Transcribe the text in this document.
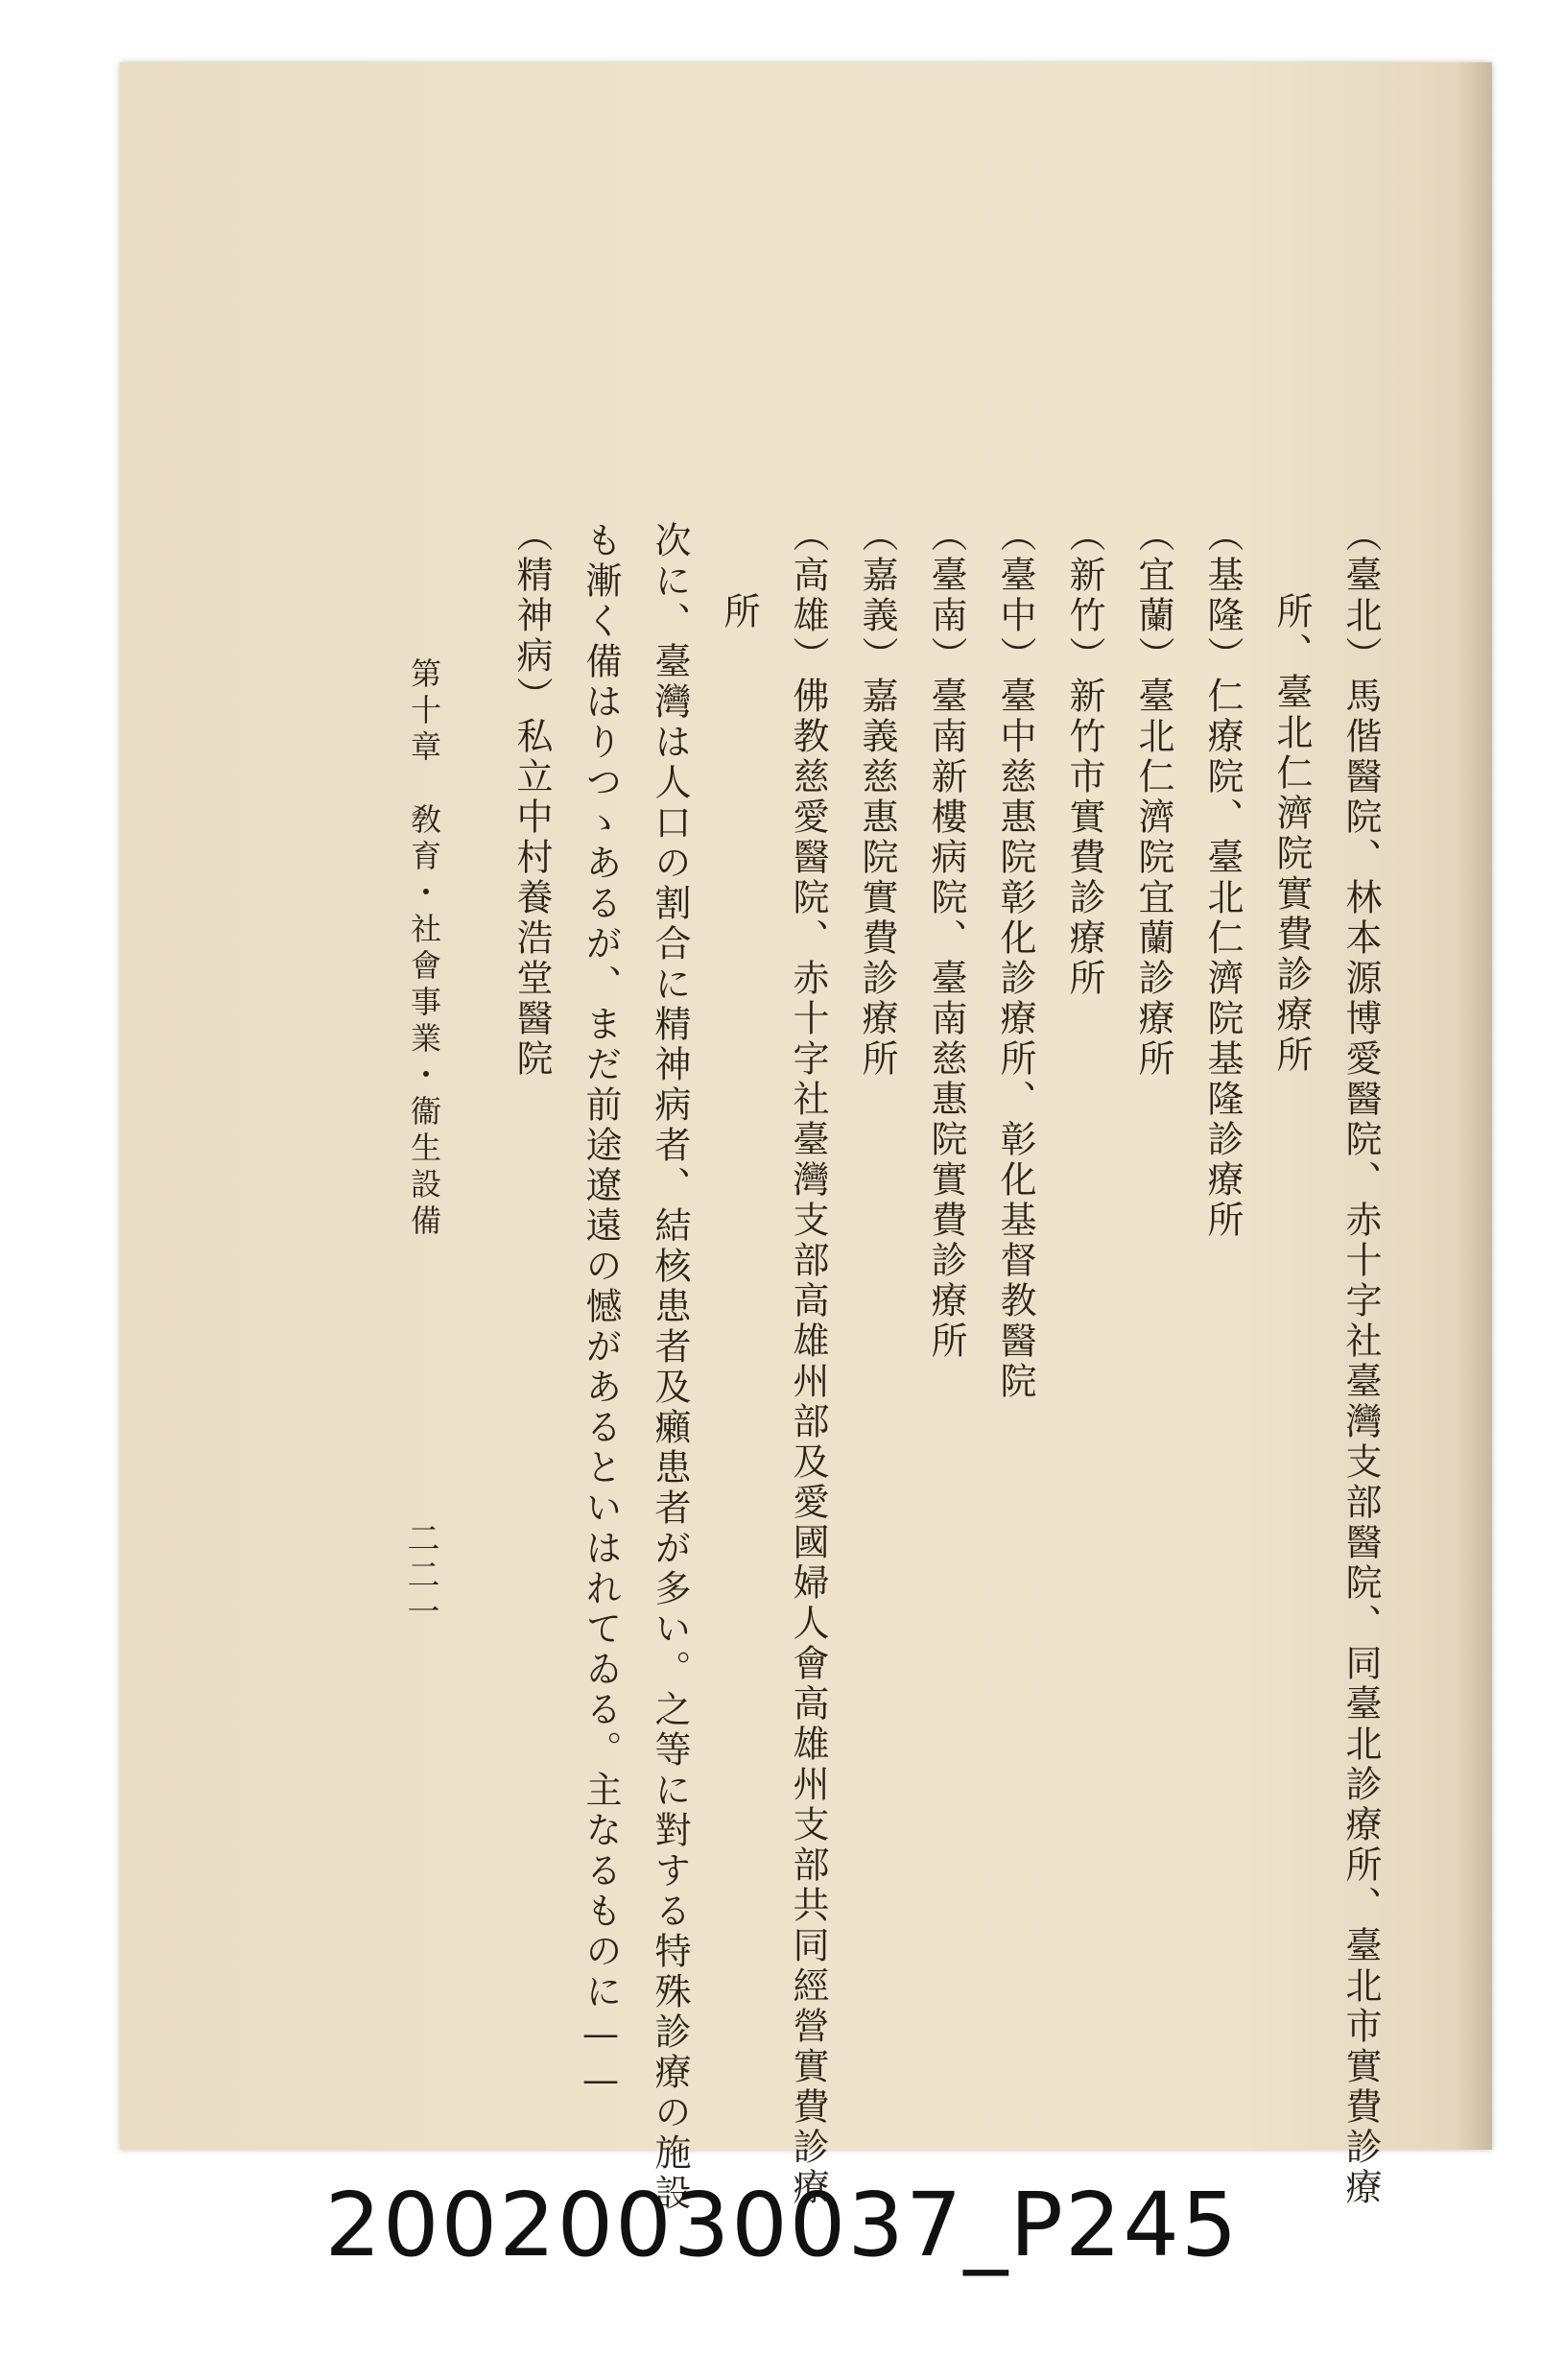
（臺北）馬偕醫院、林本源博愛醫院、赤十字社臺灣支部醫院、同臺北診療所、臺北市實費診療
所、臺北仁濟院實費診療所
（基隆）仁療院、臺北仁濟院基隆診療所
（宜蘭）臺北仁濟院宜蘭診療所
（新竹）新竹市實費診療所
（臺中）臺中慈惠院彰化診療所、彰化基督教醫院
（臺南）臺南新樓病院、臺南慈惠院實費診療所
（嘉義）嘉義慈惠院實費診療所
（高雄）佛教慈愛醫院、赤十字社臺灣支部高雄州部及愛國婦人會高雄州支部共同經營實費診療
所
次に、臺灣は人口の割合に精神病者、結核患者及癩患者が多い。之等に對する特殊診療の施設
も漸く備はりつゝあるが、まだ前途遼遠の憾があるといはれてゐる。主なるものに——
（精神病）私立中村養浩堂醫院
第十章　敎育・社會事業・衞生設備
二二一
20020030037_P245
